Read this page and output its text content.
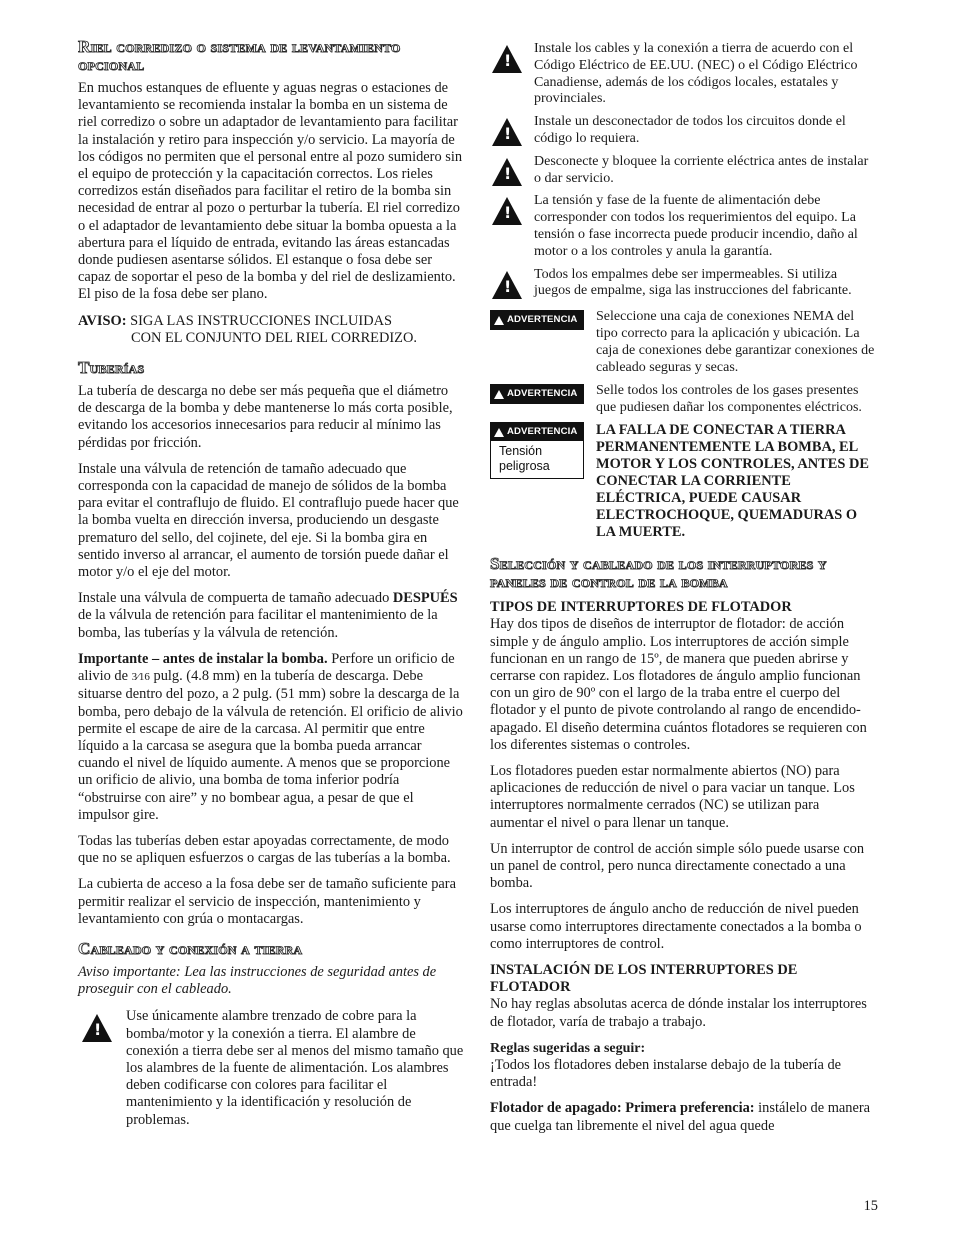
Riel corredizo o sistema de levantamiento opcional

En muchos estanques de efluente y aguas negras o estaciones de levantamiento se recomienda instalar la bomba en un sistema de riel corredizo o sobre un adaptador de levantamiento para facilitar la instalación y retiro para inspección y/o servicio. La mayoría de los códigos no permiten que el personal entre al pozo sumidero sin el equipo de protección y la capacitación correctos. Los rieles corredizos están diseñados para facilitar el retiro de la bomba sin necesidad de entrar al pozo o perturbar la tubería. El riel corredizo o el adaptador de levantamiento debe situar la bomba opuesta a la abertura para el líquido de entrada, evitando las áreas estancadas donde pudiesen asentarse sólidos. El estanque o fosa debe ser capaz de soportar el peso de la bomba y del riel de deslizamiento. El piso de la fosa debe ser plano.

AVISO: SIGA LAS INSTRUCCIONES INCLUIDAS
CON EL CONJUNTO DEL RIEL CORREDIZO.
Tuberías

La tubería de descarga no debe ser más pequeña que el diámetro de descarga de la bomba y debe mantenerse lo más corta posible, evitando los accesorios innecesarios para reducir al mínimo las pérdidas por fricción.

Instale una válvula de retención de tamaño adecuado que corresponda con la capacidad de manejo de sólidos de la bomba para evitar el contraflujo de fluido. El contraflujo puede hacer que la bomba vuelta en dirección inversa, produciendo un desgaste prematuro del sello, del cojinete, del eje. Si la bomba gira en sentido inverso al arrancar, el aumento de torsión puede dañar el motor y/o el eje del motor.

Instale una válvula de compuerta de tamaño adecuado DESPUÉS de la válvula de retención para facilitar el mantenimiento de la bomba, las tuberías y la válvula de retención.

Importante – antes de instalar la bomba. Perfore un orificio de alivio de 3⁄16 pulg. (4.8 mm) en la tubería de descarga. Debe situarse dentro del pozo, a 2 pulg. (51 mm) sobre la descarga de la bomba, pero debajo de la válvula de retención. El orificio de alivio permite el escape de aire de la carcasa. Al permitir que entre líquido a la carcasa se asegura que la bomba pueda arrancar cuando el nivel de líquido aumente. A menos que se proporcione un orificio de alivio, una bomba de toma inferior podría “obstruirse con aire” y no bombear agua, a pesar de que el impulsor gire.

Todas las tuberías deben estar apoyadas correctamente, de modo que no se apliquen esfuerzos o cargas de las tuberías a la bomba.

La cubierta de acceso a la fosa debe ser de tamaño suficiente para permitir realizar el servicio de inspección, mantenimiento y levantamiento con grúa o montacargas.

Cableado y conexión a tierra

Aviso importante: Lea las instrucciones de seguridad antes de proseguir con el cableado.

!
Use únicamente alambre trenzado de cobre para la bomba/motor y la conexión a tierra. El alambre de conexión a tierra debe ser al menos del mismo tamaño que los alambres de la fuente de alimentación. Los alambres deben codificarse con colores para facilitar el mantenimiento y la identificación y resolución de problemas.
!
Instale los cables y la conexión a tierra de acuerdo con el Código Eléctrico de EE.UU. (NEC) o el Código Eléctrico Canadiense, además de los códigos locales, estatales y provinciales.
!
Instale un desconectador de todos los circuitos donde el código lo requiera.
!
Desconecte y bloquee la corriente eléctrica antes de instalar o dar servicio.
!
La tensión y fase de la fuente de alimentación debe corresponder con todos los requerimientos del equipo. La tensión o fase incorrecta puede producir incendio, daño al motor o a los controles y anula la garantía.
!
Todos los empalmes debe ser impermeables. Si utiliza juegos de empalme, siga las instrucciones del fabricante.
ADVERTENCIA Seleccione una caja de conexiones NEMA del tipo correcto para la aplicación y ubicación. La caja de conexiones debe garantizar conexiones de cableado seguras y secas.
ADVERTENCIA Selle todos los controles de los gases presentes que pudiesen dañar los componentes eléctricos.
ADVERTENCIA
Tensión peligrosa
LA FALLA DE CONECTAR A TIERRA PERMANENTEMENTE LA BOMBA, EL MOTOR Y LOS CONTROLES, ANTES DE CONECTAR LA CORRIENTE ELÉCTRICA, PUEDE CAUSAR ELECTROCHOQUE, QUEMADURAS O LA MUERTE.
Selección y cableado de los interruptores y paneles de control de la bomba

TIPOS DE INTERRUPTORES DE FLOTADOR

Hay dos tipos de diseños de interruptor de flotador: de acción simple y de ángulo amplio. Los interruptores de acción simple funcionan en un rango de 15º, de manera que pueden abrirse y cerrarse con rapidez. Los flotadores de ángulo amplio funcionan con un giro de 90º con el largo de la traba entre el cuerpo del flotador y el punto de pivote controlando al rango de encendido-apagado. El diseño determina cuántos flotadores se requieren con los diferentes sistemas o controles.

Los flotadores pueden estar normalmente abiertos (NO) para aplicaciones de reducción de nivel o para vaciar un tanque. Los interruptores normalmente cerrados (NC) se utilizan para aumentar el nivel o para llenar un tanque.

Un interruptor de control de acción simple sólo puede usarse con un panel de control, pero nunca directamente conectado a una bomba.

Los interruptores de ángulo ancho de reducción de nivel pueden usarse como interruptores directamente conectados a la bomba o como interruptores de control.

INSTALACIÓN DE LOS INTERRUPTORES DE FLOTADOR

No hay reglas absolutas acerca de dónde instalar los interruptores de flotador, varía de trabajo a trabajo.

Reglas sugeridas a seguir:

¡Todos los flotadores deben instalarse debajo de la tubería de entrada!

Flotador de apagado: Primera preferencia: instálelo de manera que cuelga tan libremente el nivel del agua quede

15
